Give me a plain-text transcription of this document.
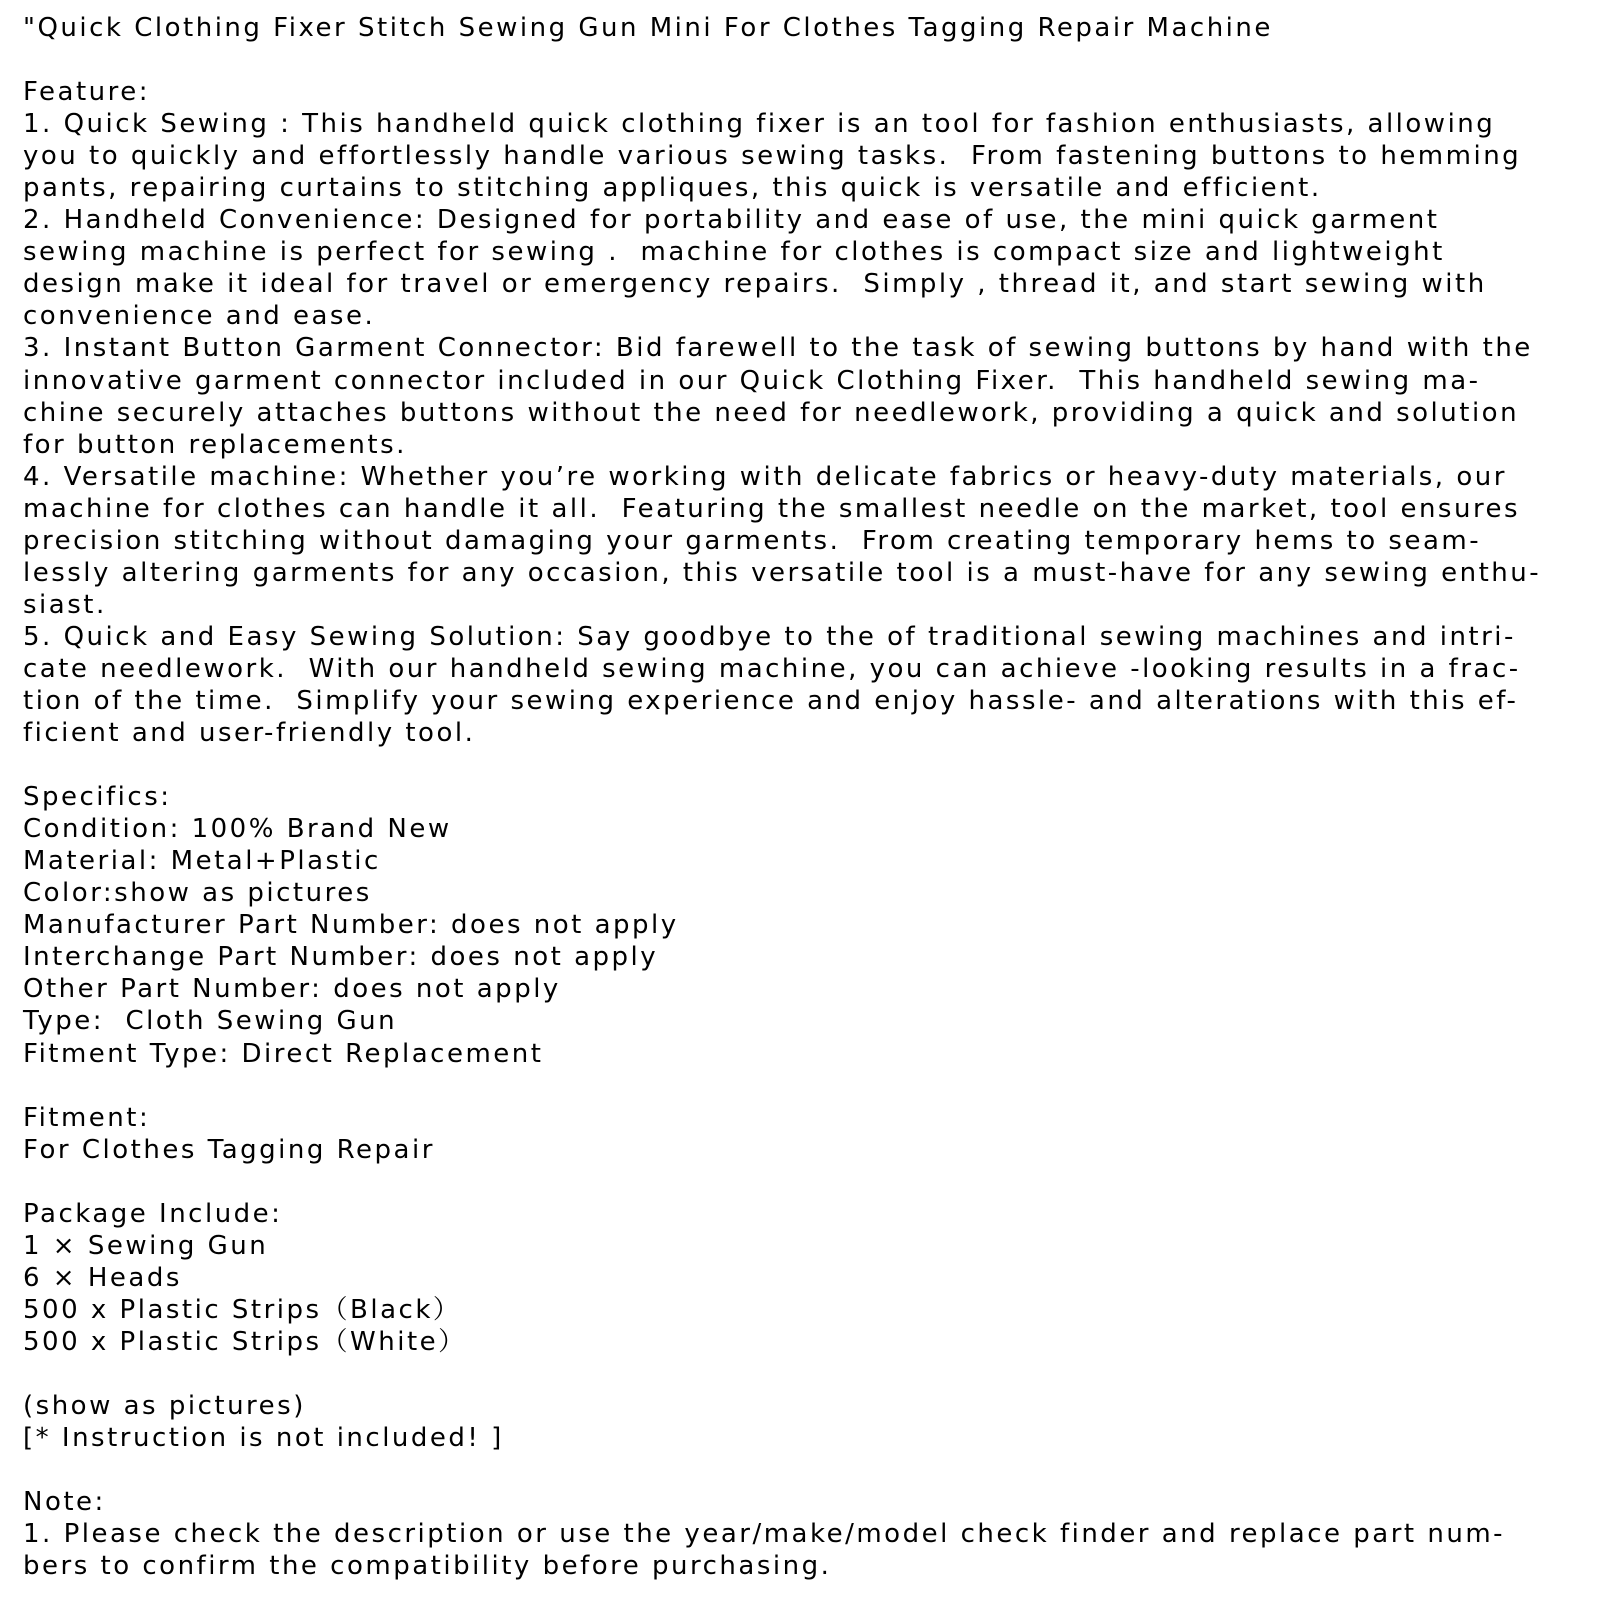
"Quick Clothing Fixer Stitch Sewing Gun Mini For Clothes Tagging Repair Machine
Feature:
1. Quick Sewing : This handheld quick clothing fixer is an tool for fashion enthusiasts, allowing
you to quickly and effortlessly handle various sewing tasks.  From fastening buttons to hemming
pants, repairing curtains to stitching appliques, this quick is versatile and efficient.
2. Handheld Convenience: Designed for portability and ease of use, the mini quick garment
sewing machine is perfect for sewing .  machine for clothes is compact size and lightweight
design make it ideal for travel or emergency repairs.  Simply , thread it, and start sewing with
convenience and ease.
3. Instant Button Garment Connector: Bid farewell to the task of sewing buttons by hand with the
innovative garment connector included in our Quick Clothing Fixer.  This handheld sewing ma-
chine securely attaches buttons without the need for needlework, providing a quick and solution
for button replacements.
4. Versatile machine: Whether you’re working with delicate fabrics or heavy-duty materials, our
machine for clothes can handle it all.  Featuring the smallest needle on the market, tool ensures
precision stitching without damaging your garments.  From creating temporary hems to seam-
lessly altering garments for any occasion, this versatile tool is a must-have for any sewing enthu-
siast.
5. Quick and Easy Sewing Solution: Say goodbye to the of traditional sewing machines and intri-
cate needlework.  With our handheld sewing machine, you can achieve -looking results in a frac-
tion of the time.  Simplify your sewing experience and enjoy hassle- and alterations with this ef-
ficient and user-friendly tool.
Specifics:
Condition: 100% Brand New
Material: Metal+Plastic
Color:show as pictures
Manufacturer Part Number: does not apply
Interchange Part Number: does not apply
Other Part Number: does not apply
Type:  Cloth Sewing Gun
Fitment Type: Direct Replacement
Fitment:
For Clothes Tagging Repair
Package Include:
1 × Sewing Gun
6 × Heads
500 x Plastic Strips（Black）
500 x Plastic Strips（White）
(show as pictures)
[* Instruction is not included! ]
Note:
1. Please check the description or use the year/make/model check finder and replace part num-
bers to confirm the compatibility before purchasing.
